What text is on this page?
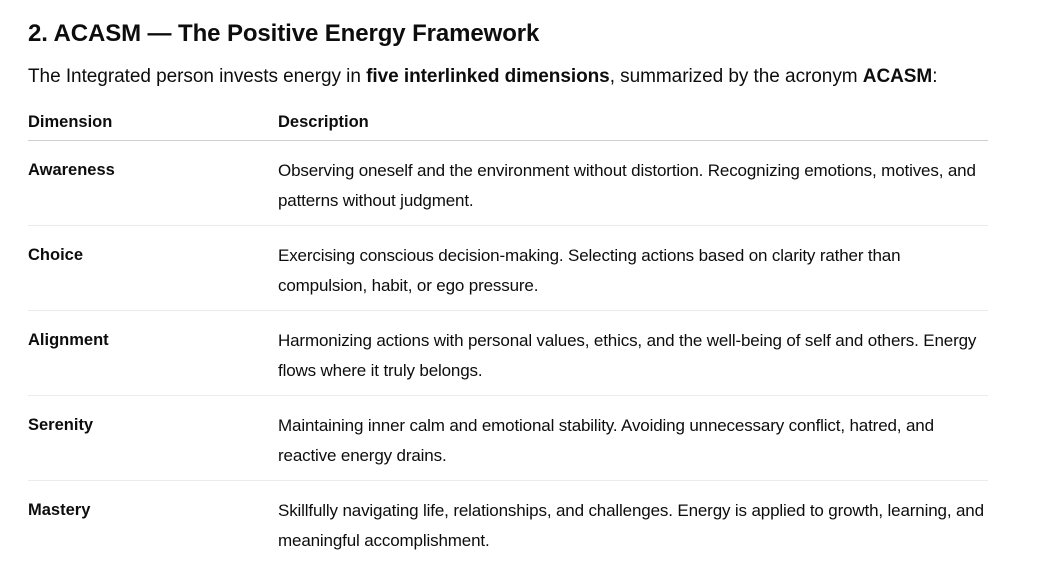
2. ACASM — The Positive Energy Framework

The Integrated person invests energy in five interlinked dimensions, summarized by the acronym ACASM:

Dimension	Description

Awareness	Observing oneself and the environment without distortion. Recognizing emotions, motives, and patterns without judgment.

Choice	Exercising conscious decision-making. Selecting actions based on clarity rather than compulsion, habit, or ego pressure.

Alignment	Harmonizing actions with personal values, ethics, and the well-being of self and others. Energy flows where it truly belongs.

Serenity	Maintaining inner calm and emotional stability. Avoiding unnecessary conflict, hatred, and reactive energy drains.

Mastery	Skillfully navigating life, relationships, and challenges. Energy is applied to growth, learning, and meaningful accomplishment.
